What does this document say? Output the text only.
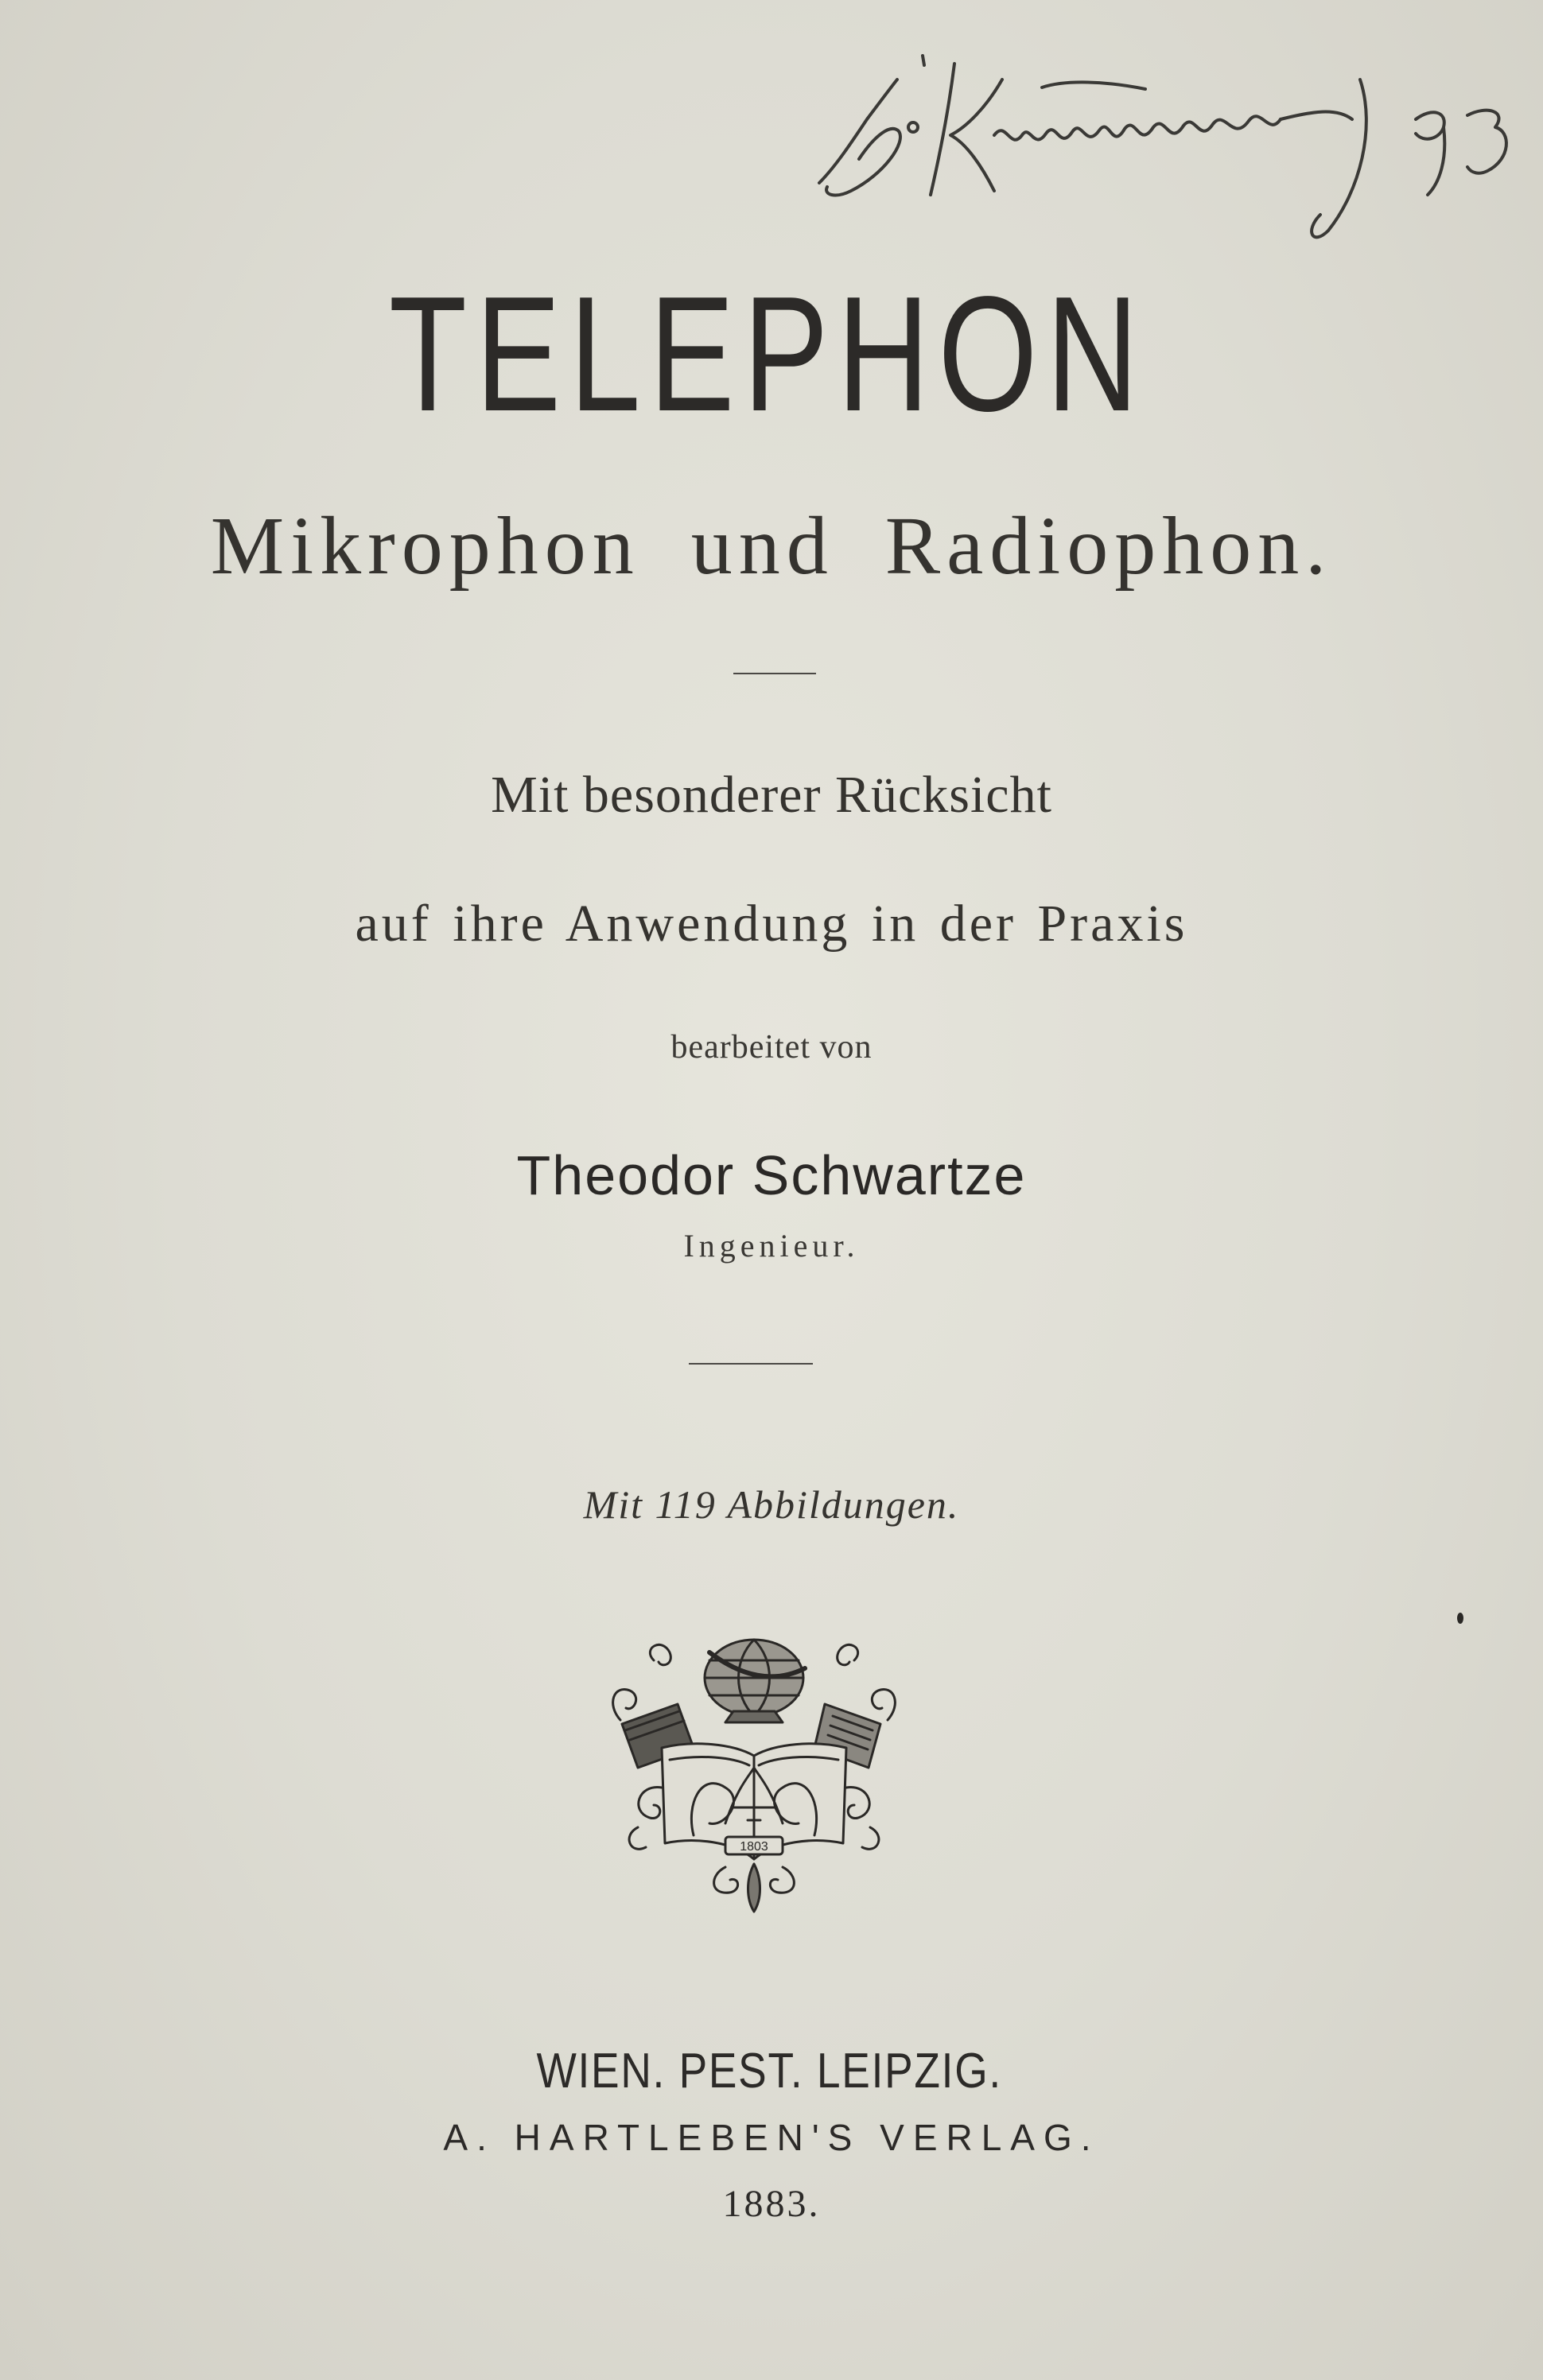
TELEPHON
Mikrophon und Radiophon.
Mit besonderer Rücksicht
auf ihre Anwendung in der Praxis
bearbeitet von
Theodor Schwartze
Ingenieur.
Mit 119 Abbildungen.
1803
WIEN. PEST. LEIPZIG.
A. HARTLEBEN'S VERLAG.
1883.
